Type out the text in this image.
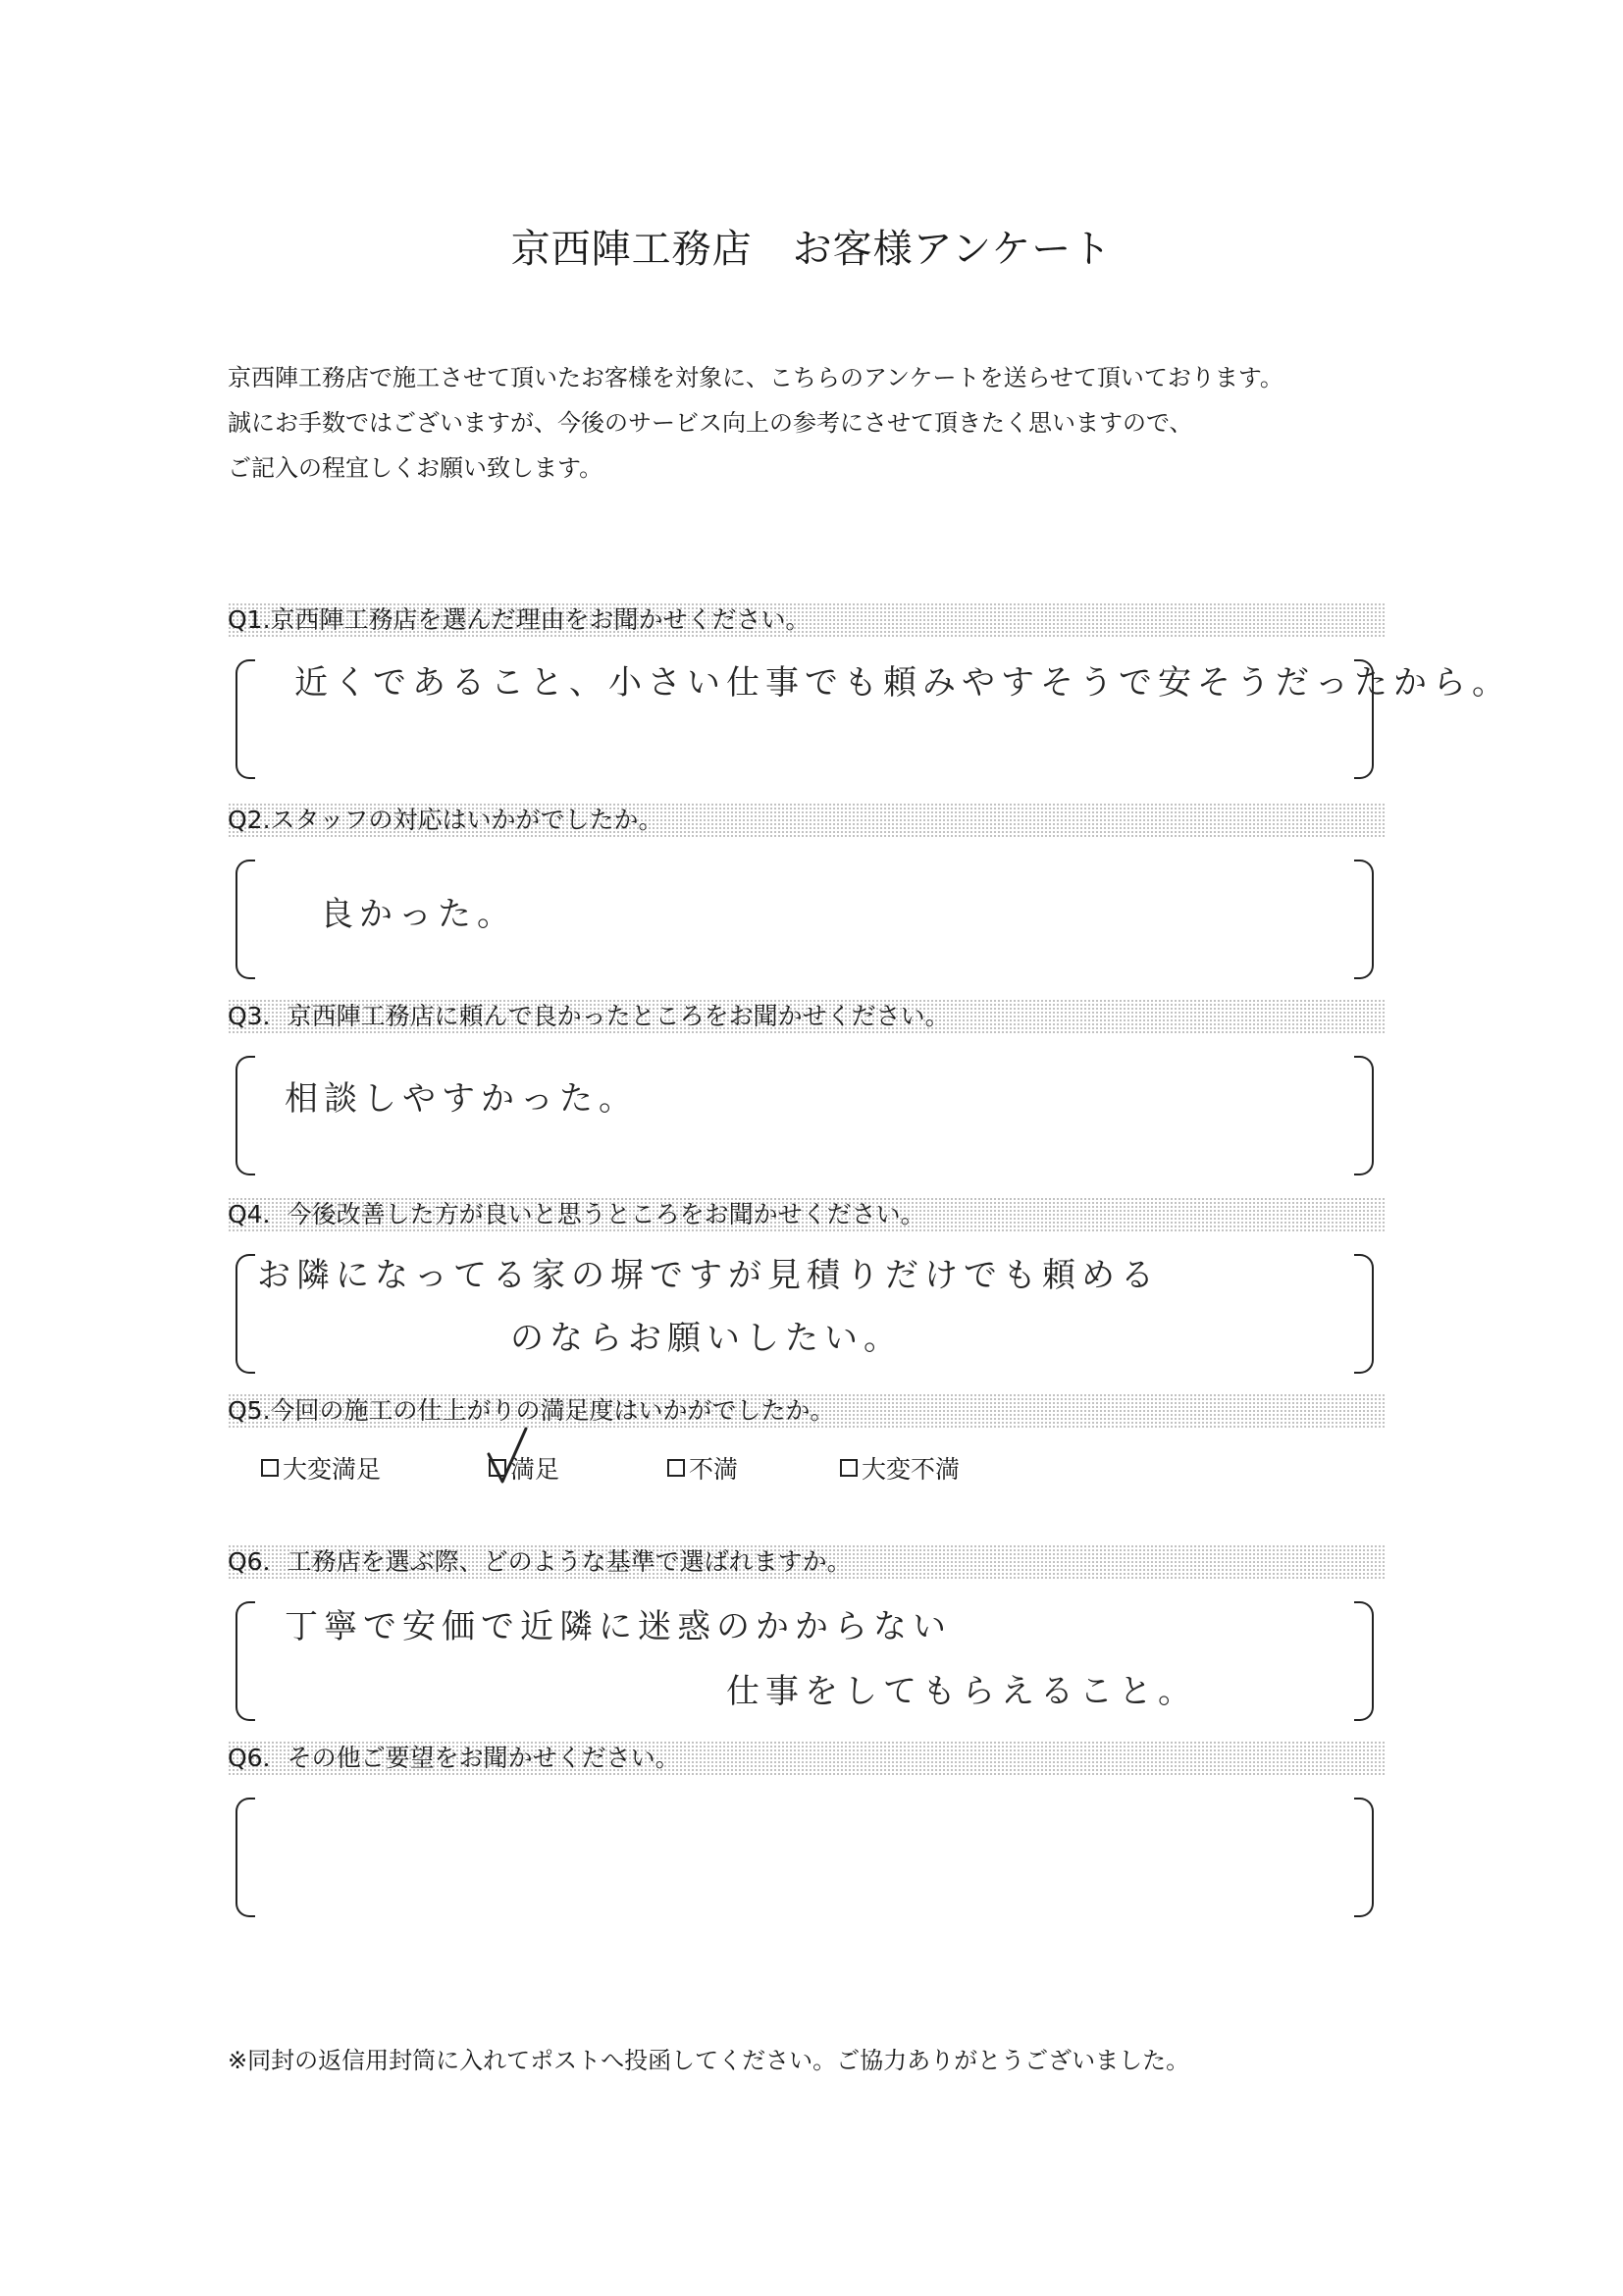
京西陣工務店　お客様アンケート
京西陣工務店で施工させて頂いたお客様を対象に、こちらのアンケートを送らせて頂いております。
誠にお手数ではございますが、今後のサービス向上の参考にさせて頂きたく思いますので、
ご記入の程宜しくお願い致します。
Q1.京西陣工務店を選んだ理由をお聞かせください。
近くであること、小さい仕事でも頼みやすそうで安そうだったから。
Q2.スタッフの対応はいかがでしたか。
良かった。
Q3．京西陣工務店に頼んで良かったところをお聞かせください。
相談しやすかった。
Q4．今後改善した方が良いと思うところをお聞かせください。
お隣になってる家の塀ですが見積りだけでも頼める
のならお願いしたい。
Q5.今回の施工の仕上がりの満足度はいかがでしたか。
大変満足	満足	不満	大変不満
Q6．工務店を選ぶ際、どのような基準で選ばれますか。
丁寧で安価で近隣に迷惑のかからない
仕事をしてもらえること。
Q6．その他ご要望をお聞かせください。
※同封の返信用封筒に入れてポストへ投函してください。ご協力ありがとうございました。
